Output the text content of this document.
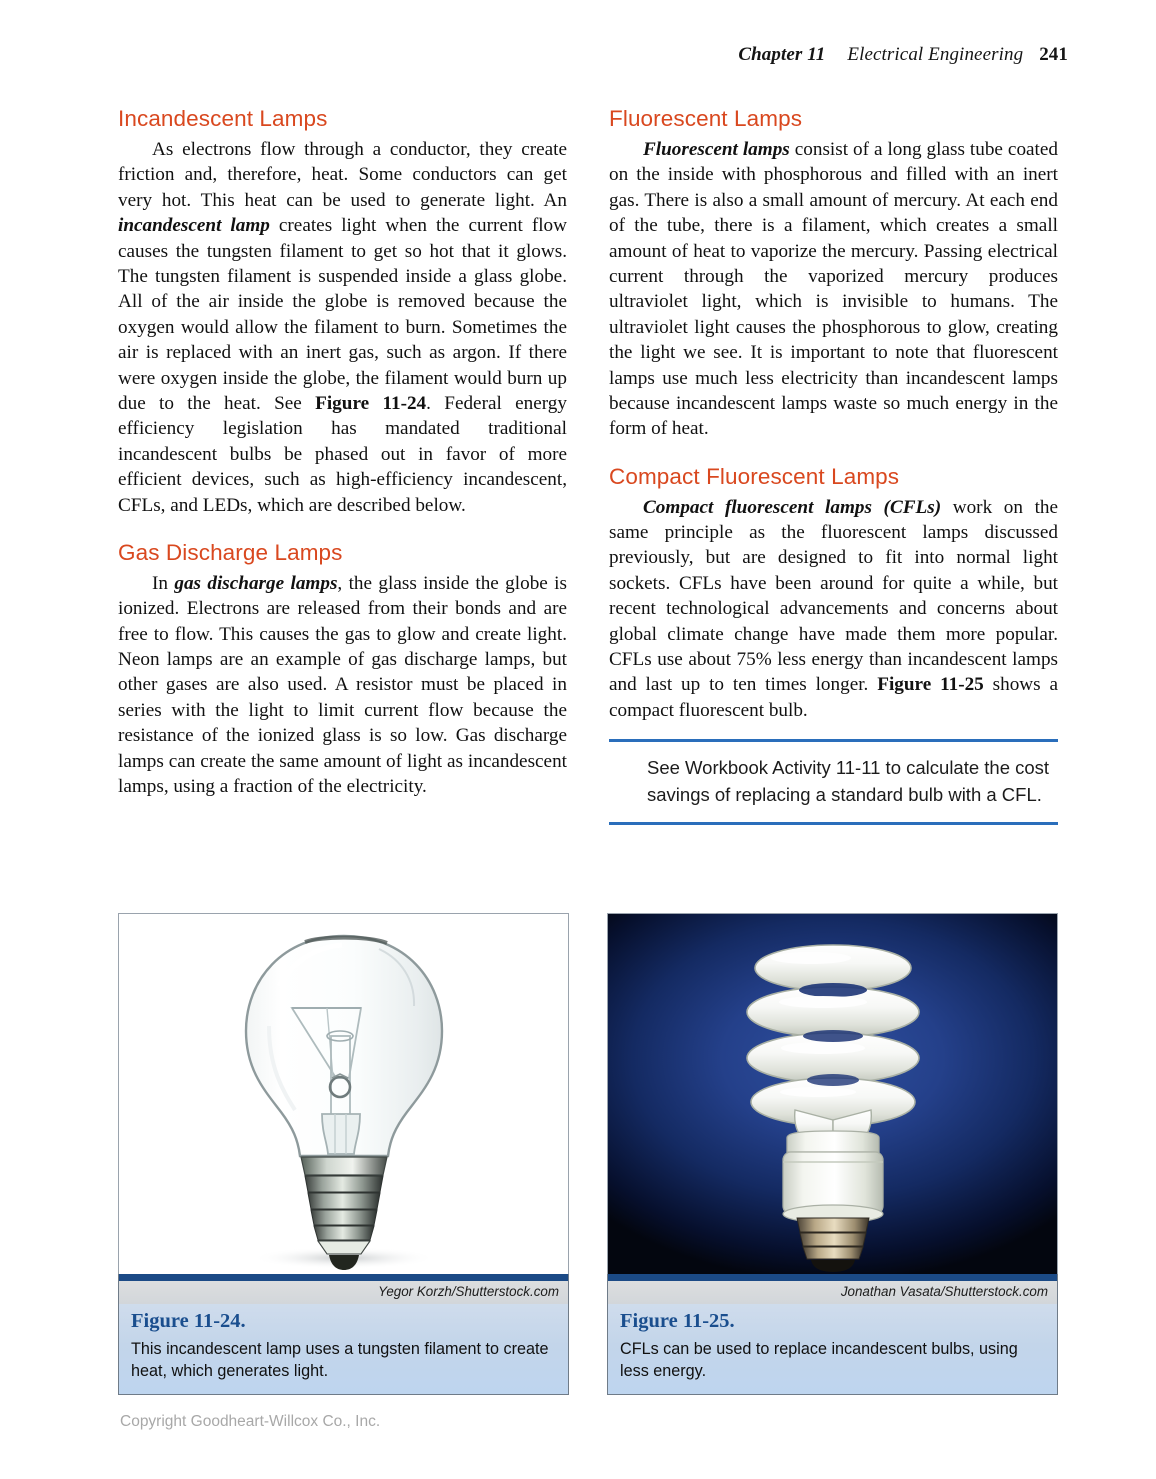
Chapter 11 Electrical Engineering 241
Incandescent Lamps

As electrons flow through a conductor, they create friction and, therefore, heat. Some conductors can get very hot. This heat can be used to generate light. An incandescent lamp creates light when the current flow causes the tungsten filament to get so hot that it glows. The tungsten filament is suspended inside a glass globe. All of the air inside the globe is removed because the oxygen would allow the filament to burn. Sometimes the air is replaced with an inert gas, such as argon. If there were oxygen inside the globe, the filament would burn up due to the heat. See Figure 11-24. Federal energy efficiency legislation has mandated traditional incandescent bulbs be phased out in favor of more efficient devices, such as high-efficiency incandescent, CFLs, and LEDs, which are described below.

Gas Discharge Lamps

In gas discharge lamps, the glass inside the globe is ionized. Electrons are released from their bonds and are free to flow. This causes the gas to glow and create light. Neon lamps are an example of gas discharge lamps, but other gases are also used. A resistor must be placed in series with the light to limit current flow because the resistance of the ionized glass is so low. Gas discharge lamps can create the same amount of light as incandescent lamps, using a fraction of the electricity.

Fluorescent Lamps

Fluorescent lamps consist of a long glass tube coated on the inside with phosphorous and filled with an inert gas. There is also a small amount of mercury. At each end of the tube, there is a filament, which creates a small amount of heat to vaporize the mercury. Passing electrical current through the vaporized mercury produces ultraviolet light, which is invisible to humans. The ultraviolet light causes the phosphorous to glow, creating the light we see. It is important to note that fluorescent lamps use much less electricity than incandescent lamps because incandescent lamps waste so much energy in the form of heat.

Compact Fluorescent Lamps

Compact fluorescent lamps (CFLs) work on the same principle as the fluorescent lamps discussed previously, but are designed to fit into normal light sockets. CFLs have been around for quite a while, but recent technological advancements and concerns about global climate change have made them more popular. CFLs use about 75% less energy than incandescent lamps and last up to ten times longer. Figure 11-25 shows a compact fluorescent bulb.

See Workbook Activity 11-11 to calculate the cost savings of replacing a standard bulb with a CFL.

Yegor Korzh/Shutterstock.com

Figure 11-24.

This incandescent lamp uses a tungsten filament to create heat, which generates light.

Jonathan Vasata/Shutterstock.com

Figure 11-25.

CFLs can be used to replace incandescent bulbs, using less energy.

Copyright Goodheart-Willcox Co., Inc.
